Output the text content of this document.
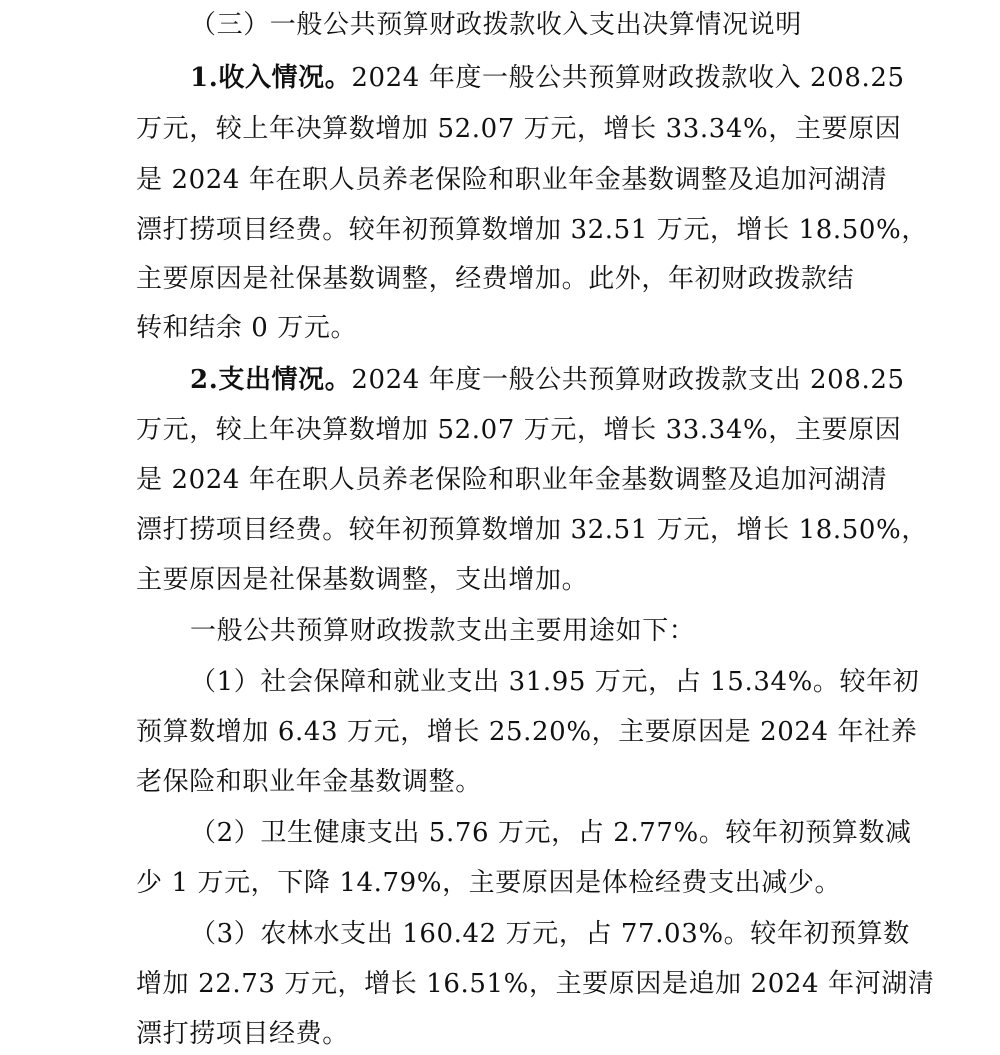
（三）一般公共预算财政拨款收入支出决算情况说明
1.收入情况。2024 年度一般公共预算财政拨款收入 208.25
万元，较上年决算数增加 52.07 万元，增长 33.34%，主要原因
是 2024 年在职人员养老保险和职业年金基数调整及追加河湖清
漂打捞项目经费。较年初预算数增加 32.51 万元，增长 18.50%，
主要原因是社保基数调整，经费增加。此外，年初财政拨款结
转和结余 0 万元。
2.支出情况。2024 年度一般公共预算财政拨款支出 208.25
万元，较上年决算数增加 52.07 万元，增长 33.34%，主要原因
是 2024 年在职人员养老保险和职业年金基数调整及追加河湖清
漂打捞项目经费。较年初预算数增加 32.51 万元，增长 18.50%，
主要原因是社保基数调整，支出增加。
一般公共预算财政拨款支出主要用途如下：
（1）社会保障和就业支出 31.95 万元，占 15.34%。较年初
预算数增加 6.43 万元，增长 25.20%，主要原因是 2024 年社养
老保险和职业年金基数调整。
（2）卫生健康支出 5.76 万元，占 2.77%。较年初预算数减
少 1 万元，下降 14.79%，主要原因是体检经费支出减少。
（3）农林水支出 160.42 万元，占 77.03%。较年初预算数
增加 22.73 万元，增长 16.51%，主要原因是追加 2024 年河湖清
漂打捞项目经费。
